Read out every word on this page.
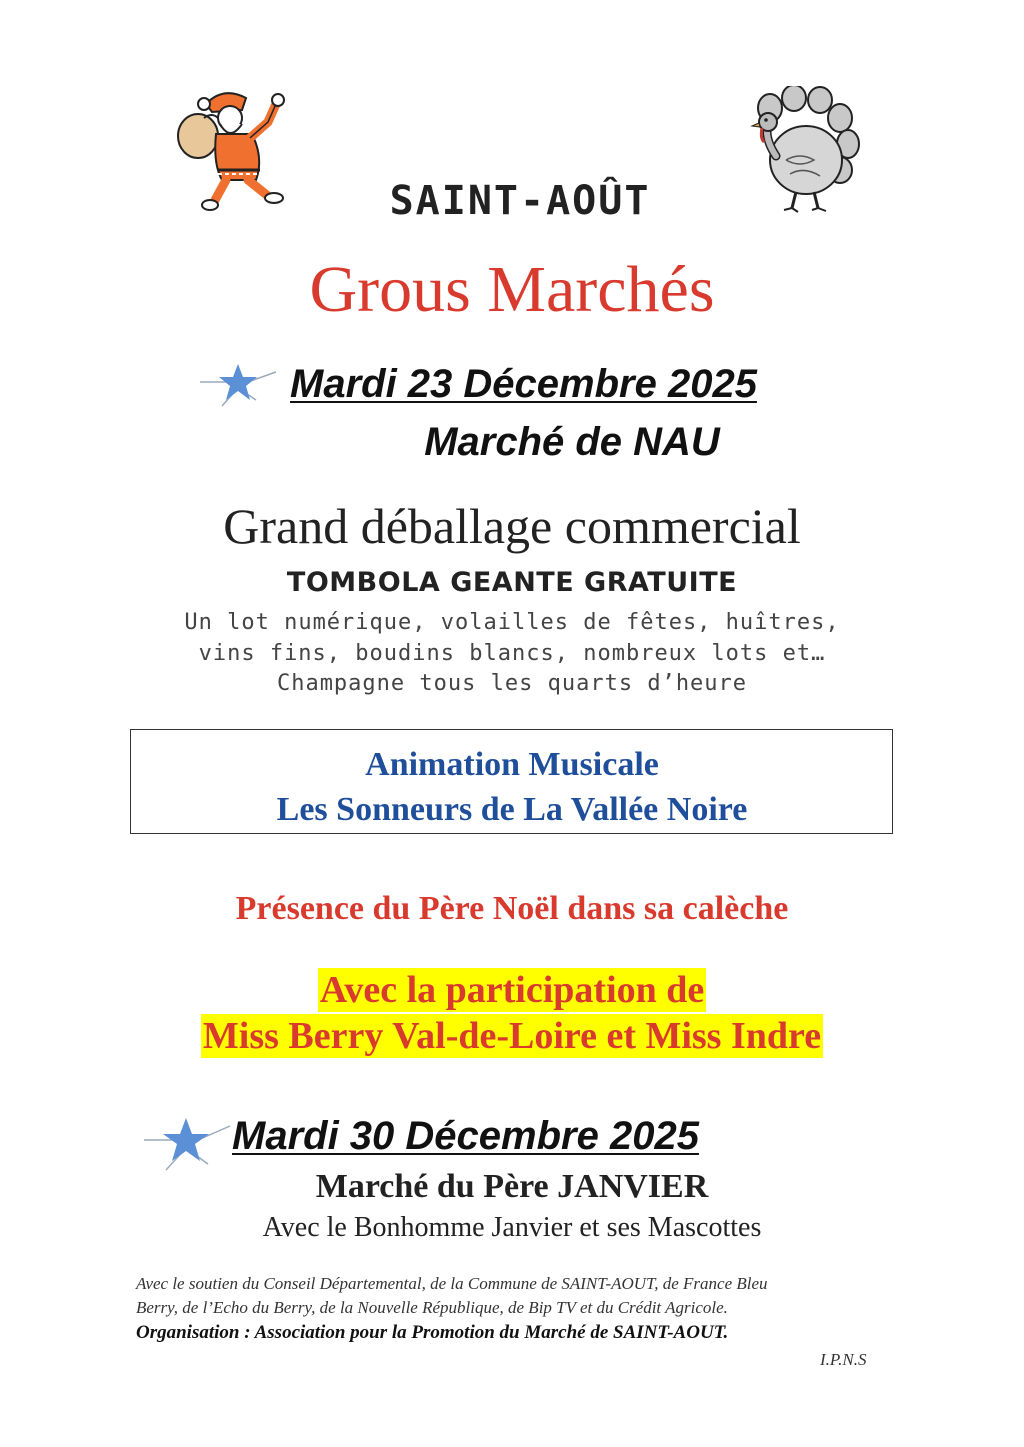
SAINT-AOÛT
Grous Marchés
Mardi 23 Décembre 2025
Marché de NAU
Grand déballage commercial
TOMBOLA GEANTE GRATUITE
Un lot numérique, volailles de fêtes, huîtres,
vins fins, boudins blancs, nombreux lots et…
Champagne tous les quarts d’heure
Animation Musicale
Les Sonneurs de La Vallée Noire
Présence du Père Noël dans sa calèche
Avec la participation de
Miss Berry Val-de-Loire et Miss Indre
Mardi 30 Décembre 2025
Marché du Père JANVIER
Avec le Bonhomme Janvier et ses Mascottes
Avec le soutien du Conseil Départemental, de la Commune de SAINT-AOUT, de France Bleu
Berry, de l’Echo du Berry, de la Nouvelle République, de Bip TV et du Crédit Agricole.
Organisation : Association pour la Promotion du Marché de SAINT-AOUT.
I.P.N.S
